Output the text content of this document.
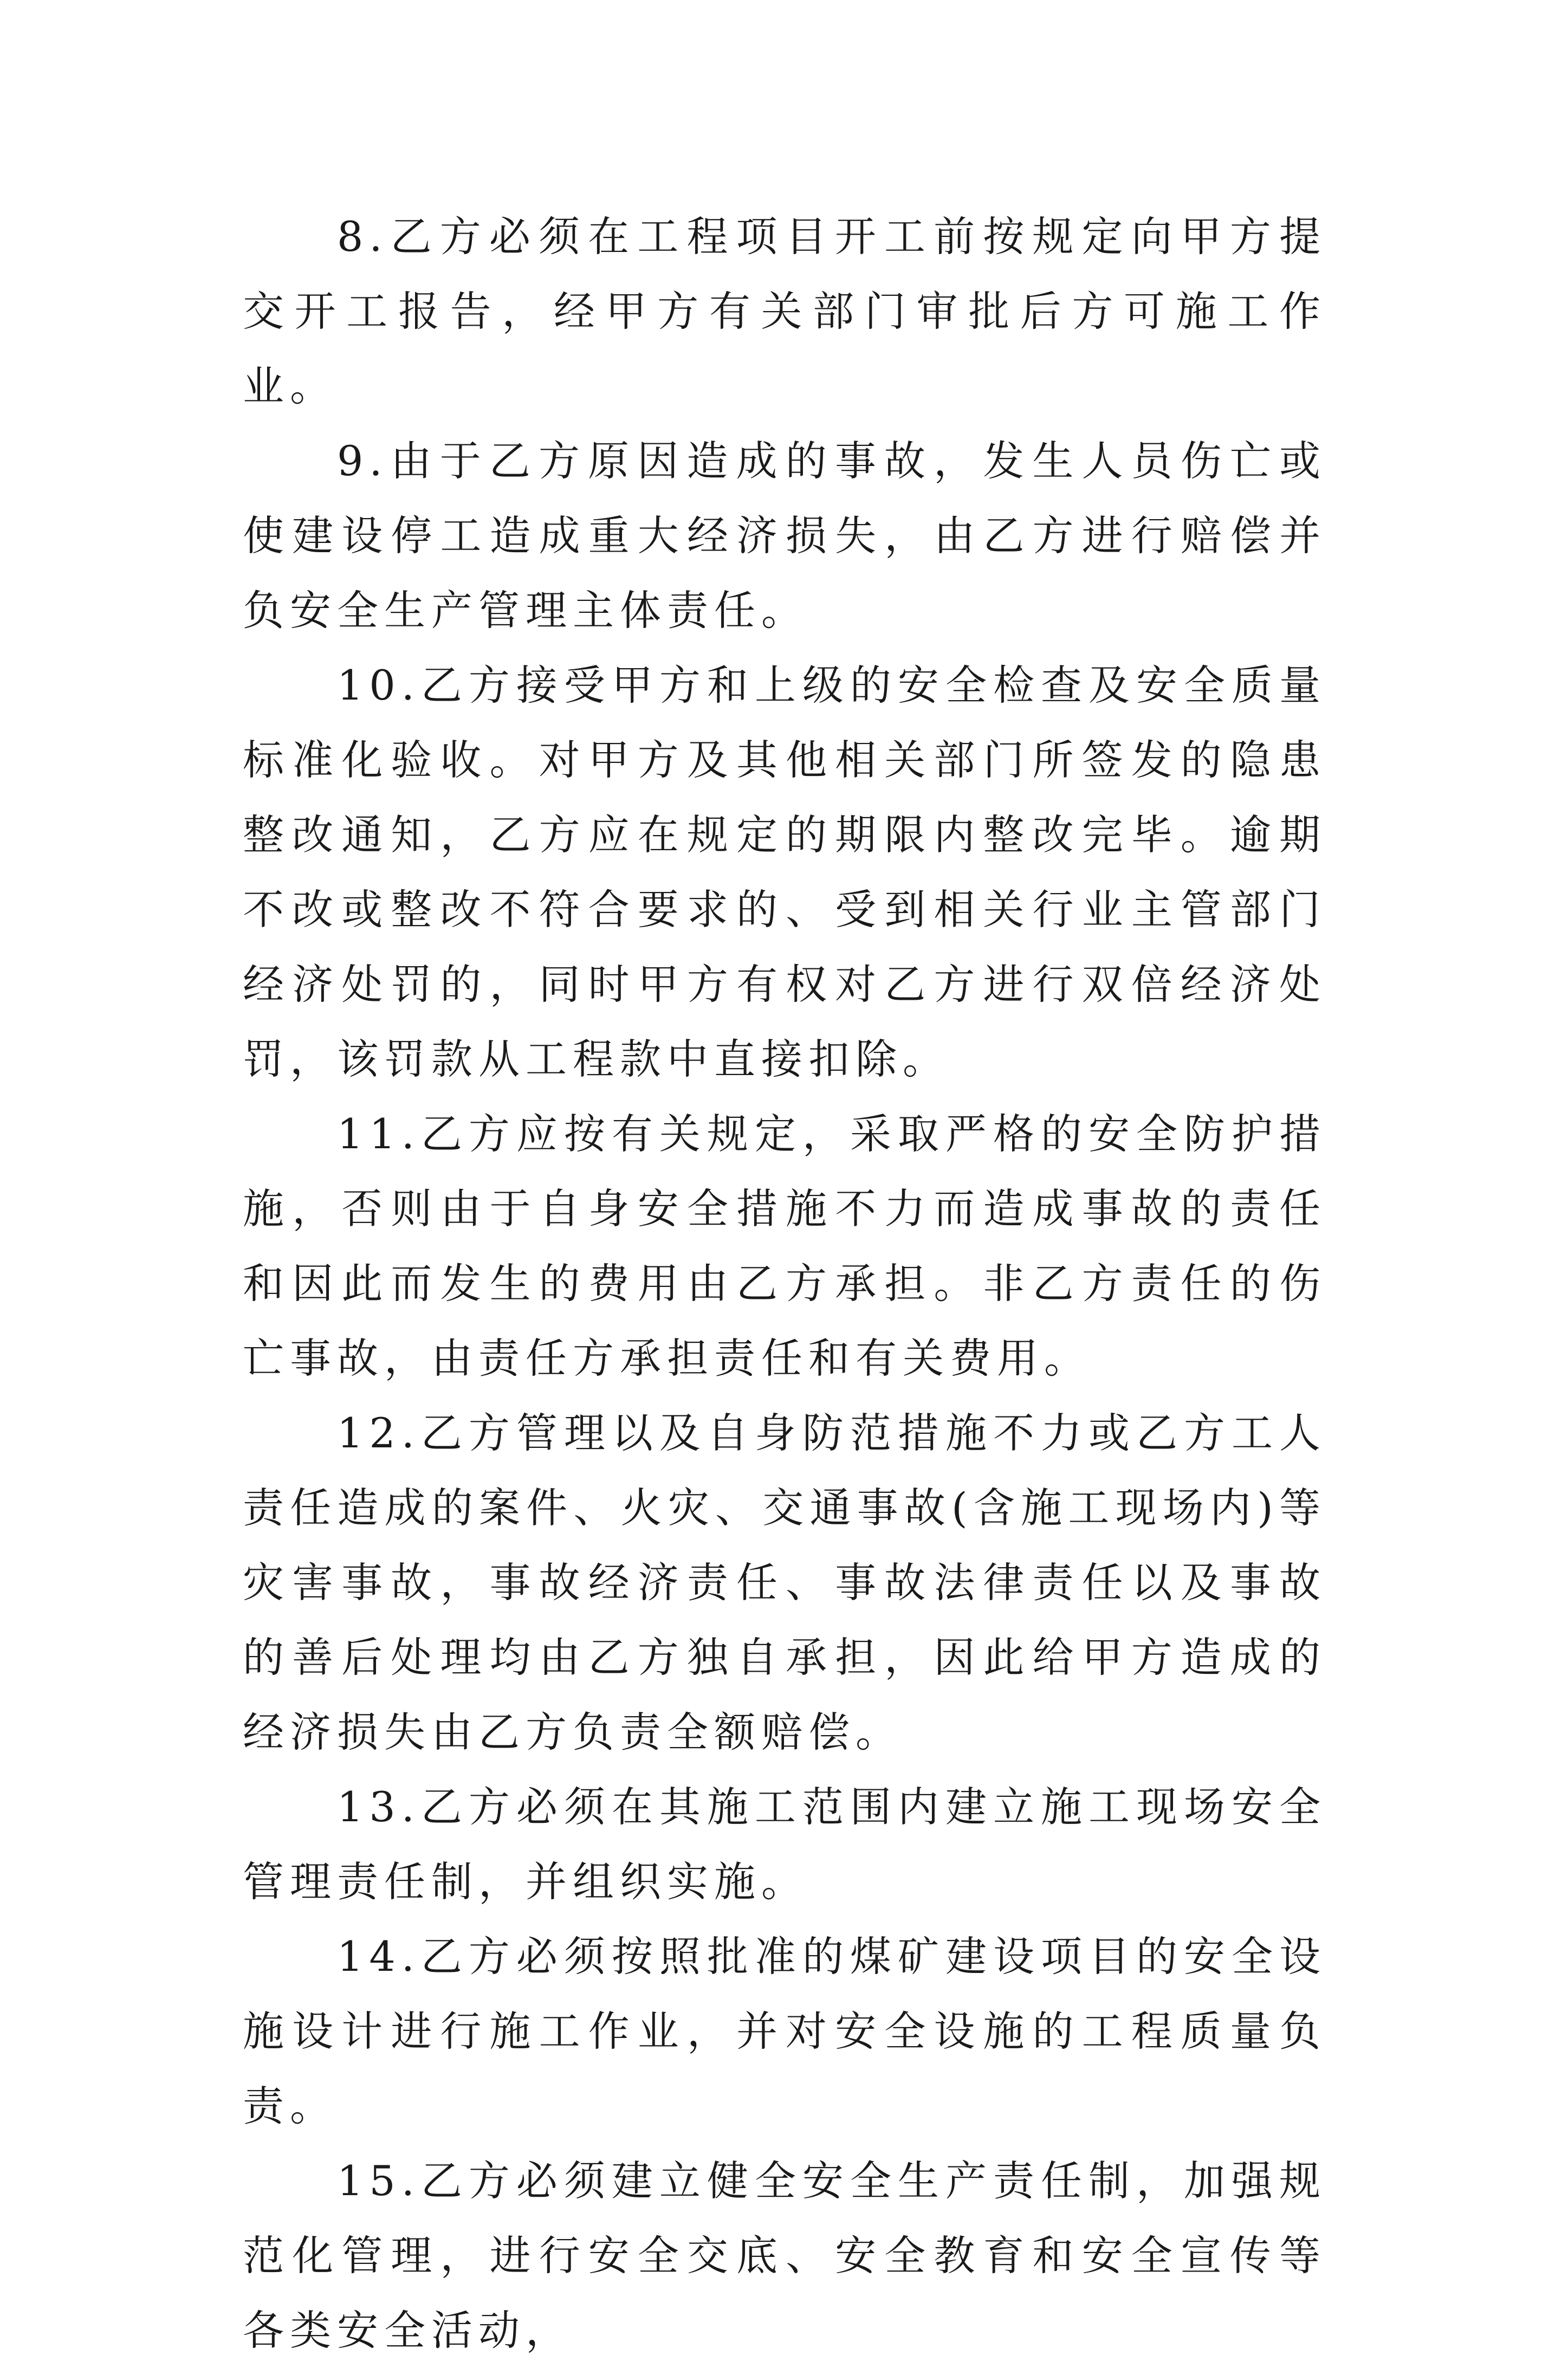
8.乙方必须在工程项目开工前按规定向甲方提交开工报告，经甲方有关部门审批后方可施工作业。

9.由于乙方原因造成的事故，发生人员伤亡或使建设停工造成重大经济损失，由乙方进行赔偿并负安全生产管理主体责任。

10.乙方接受甲方和上级的安全检查及安全质量标准化验收。对甲方及其他相关部门所签发的隐患整改通知，乙方应在规定的期限内整改完毕。逾期不改或整改不符合要求的、受到相关行业主管部门经济处罚的，同时甲方有权对乙方进行双倍经济处罚，该罚款从工程款中直接扣除。

11.乙方应按有关规定，采取严格的安全防护措施，否则由于自身安全措施不力而造成事故的责任和因此而发生的费用由乙方承担。非乙方责任的伤亡事故，由责任方承担责任和有关费用。

12.乙方管理以及自身防范措施不力或乙方工人责任造成的案件、火灾、交通事故(含施工现场内)等灾害事故，事故经济责任、事故法律责任以及事故的善后处理均由乙方独自承担，因此给甲方造成的经济损失由乙方负责全额赔偿。

13.乙方必须在其施工范围内建立施工现场安全管理责任制，并组织实施。

14.乙方必须按照批准的煤矿建设项目的安全设施设计进行施工作业，并对安全设施的工程质量负责。

15.乙方必须建立健全安全生产责任制，加强规范化管理，进行安全交底、安全教育和安全宣传等各类安全活动，
